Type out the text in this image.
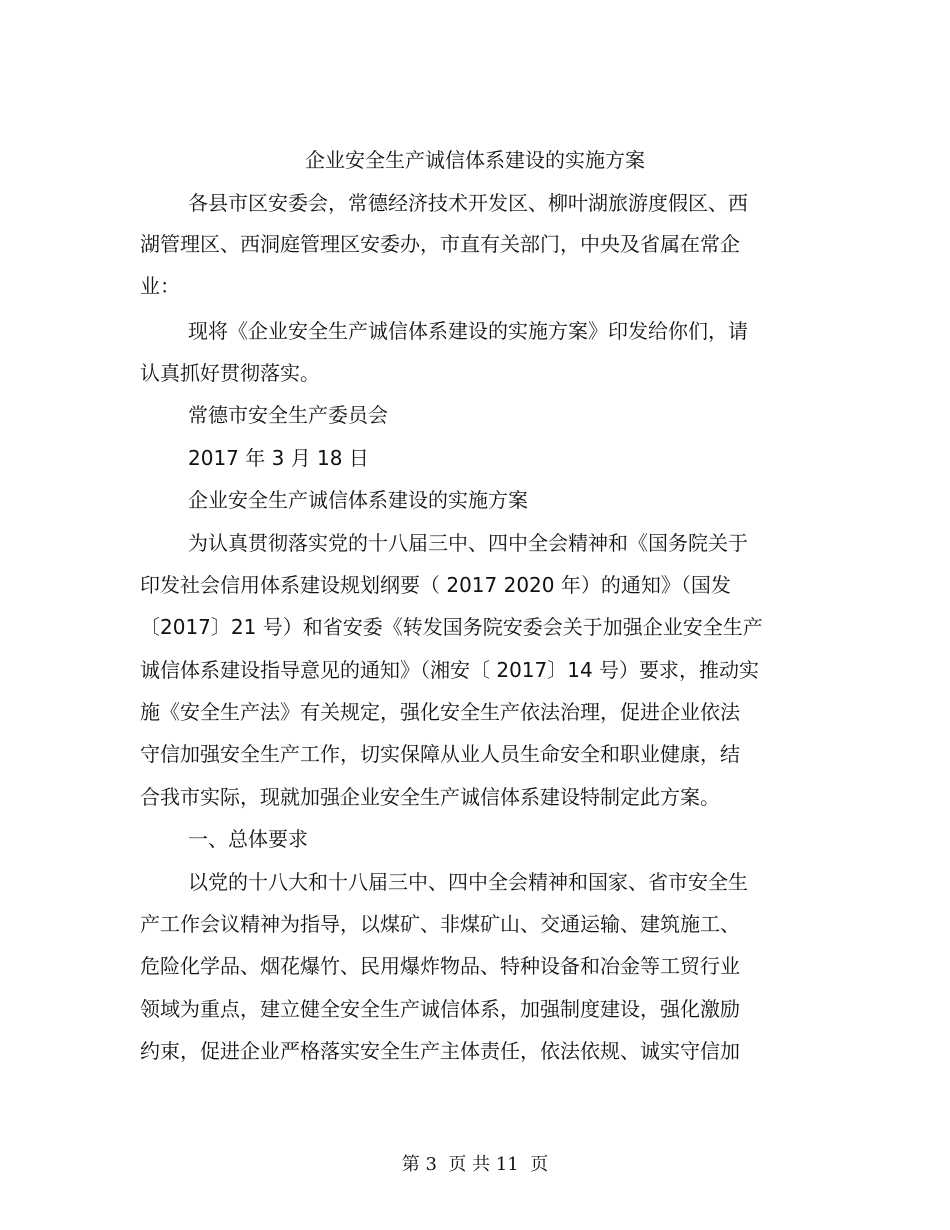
企业安全生产诚信体系建设的实施方案
各县市区安委会，常德经济技术开发区、柳叶湖旅游度假区、西
湖管理区、西洞庭管理区安委办，市直有关部门，中央及省属在常企
业：
现将《企业安全生产诚信体系建设的实施方案》印发给你们，请
认真抓好贯彻落实。
常德市安全生产委员会
2017 年 3 月 18 日
企业安全生产诚信体系建设的实施方案
为认真贯彻落实党的十八届三中、四中全会精神和《国务院关于
印发社会信用体系建设规划纲要（ 2017 2020 年）的通知》（国发
〔2017〕21 号）和省安委《转发国务院安委会关于加强企业安全生产
诚信体系建设指导意见的通知》（湘安〔 2017〕14 号）要求，推动实
施《安全生产法》有关规定，强化安全生产依法治理，促进企业依法
守信加强安全生产工作，切实保障从业人员生命安全和职业健康，结
合我市实际，现就加强企业安全生产诚信体系建设特制定此方案。
一、总体要求
以党的十八大和十八届三中、四中全会精神和国家、省市安全生
产工作会议精神为指导，以煤矿、非煤矿山、交通运输、建筑施工、
危险化学品、烟花爆竹、民用爆炸物品、特种设备和冶金等工贸行业
领域为重点，建立健全安全生产诚信体系，加强制度建设，强化激励
约束，促进企业严格落实安全生产主体责任，依法依规、诚实守信加
第 3  页 共 11  页
